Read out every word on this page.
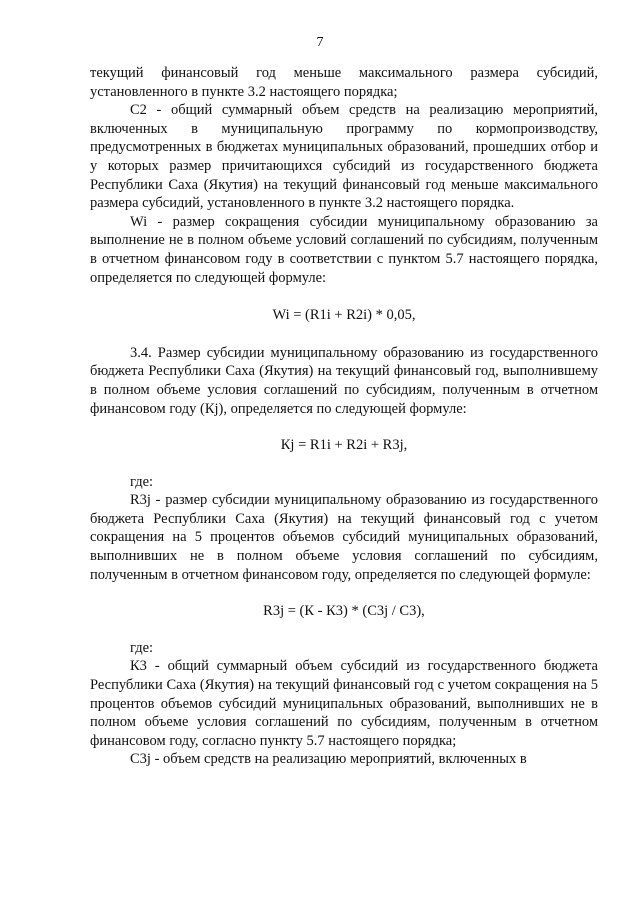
7

текущий финансовый год меньше максимального размера субсидий, установленного в пункте 3.2 настоящего порядка;

С2 - общий суммарный объем средств на реализацию мероприятий, включенных в муниципальную программу по кормопроизводству, предусмотренных в бюджетах муниципальных образований, прошедших отбор и у которых размер причитающихся субсидий из государственного бюджета Республики Саха (Якутия) на текущий финансовый год меньше максимального размера субсидий, установленного в пункте 3.2 настоящего порядка.

Wi - размер сокращения субсидии муниципальному образованию за выполнение не в полном объеме условий соглашений по субсидиям, полученным в отчетном финансовом году в соответствии с пунктом 5.7 настоящего порядка, определяется по следующей формуле:

Wi = (R1i + R2i) * 0,05,

3.4. Размер субсидии муниципальному образованию из государственного бюджета Республики Саха (Якутия) на текущий финансовый год, выполнившему в полном объеме условия соглашений по субсидиям, полученным в отчетном финансовом году (Кj), определяется по следующей формуле:

Кj = R1i + R2i + R3j,

где:

R3j - размер субсидии муниципальному образованию из государственного бюджета Республики Саха (Якутия) на текущий финансовый год с учетом сокращения на 5 процентов объемов субсидий муниципальных образований, выполнивших не в полном объеме условия соглашений по субсидиям, полученным в отчетном финансовом году, определяется по следующей формуле:

R3j = (К - К3) * (С3j / С3),

где:

К3 - общий суммарный объем субсидий из государственного бюджета Республики Саха (Якутия) на текущий финансовый год с учетом сокращения на 5 процентов объемов субсидий муниципальных образований, выполнивших не в полном объеме условия соглашений по субсидиям, полученным в отчетном финансовом году, согласно пункту 5.7 настоящего порядка;

С3j - объем средств на реализацию мероприятий, включенных в
